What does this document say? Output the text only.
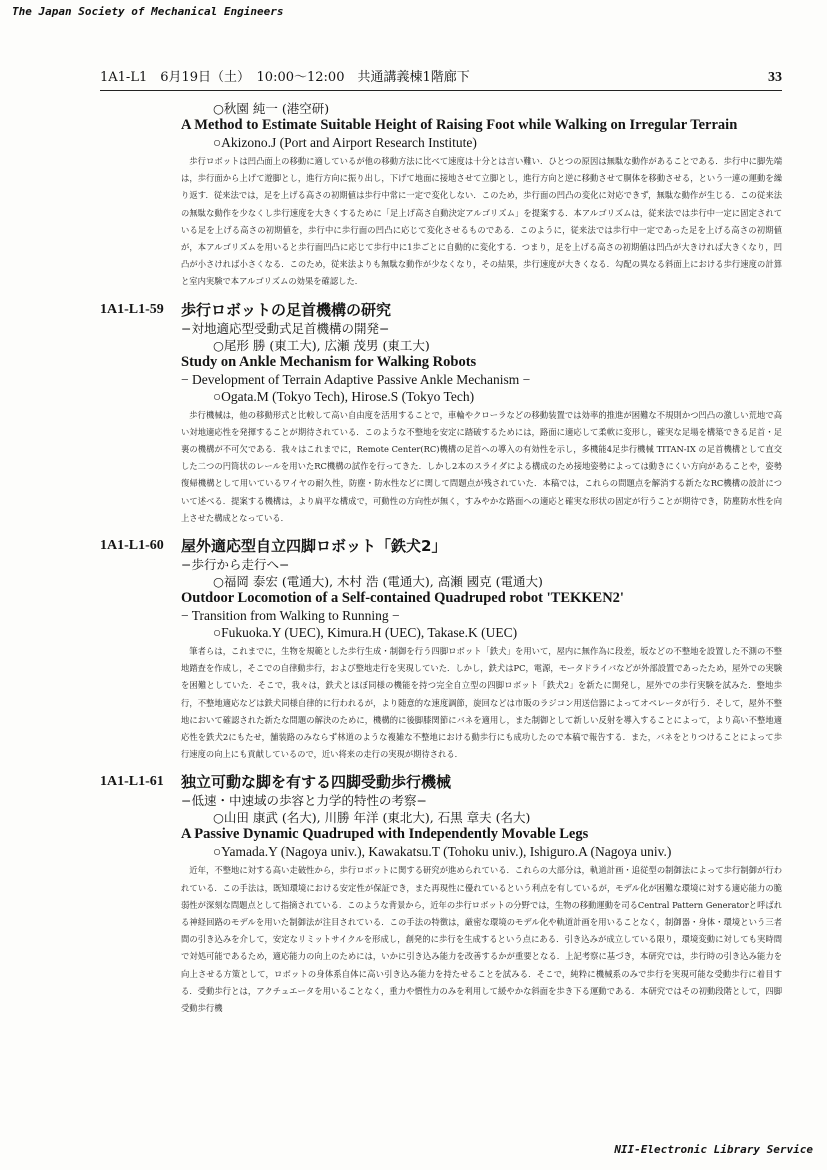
The Japan Society of Mechanical Engineers
1A1-L1　6月19日（土）　10:00〜12:00　共通講義棟1階廊下	33
○秋園 純一 (港空研)
A Method to Estimate Suitable Height of Raising Foot while Walking on Irregular Terrain
○Akizono.J (Port and Airport Research Institute)
歩行ロボットは凹凸面上の移動に適しているが他の移動方法に比べて速度は十分とは言い難い．ひとつの原因は無駄な動作があることである．歩行中に脚先端は，歩行面から上げて遊脚とし，進行方向に振り出し，下げて地面に接地させて立脚とし，進行方向と逆に移動させて胴体を移動させる，という一連の運動を繰り返す．従来法では，足を上げる高さの初期値は歩行中常に一定で変化しない．このため，歩行面の凹凸の変化に対応できず，無駄な動作が生じる．この従来法の無駄な動作を少なくし歩行速度を大きくするために「足上げ高さ自動決定アルゴリズム」を提案する．本アルゴリズムは，従来法では歩行中一定に固定されている足を上げる高さの初期値を，歩行中に歩行面の凹凸に応じて変化させるものである．このように，従来法では歩行中一定であった足を上げる高さの初期値が，本アルゴリズムを用いると歩行面凹凸に応じて歩行中に1歩ごとに自動的に変化する．つまり，足を上げる高さの初期値は凹凸が大きければ大きくなり，凹凸が小さければ小さくなる．このため，従来法よりも無駄な動作が少なくなり，その結果，歩行速度が大きくなる．勾配の異なる斜面上における歩行速度の計算と室内実験で本アルゴリズムの効果を確認した．
1A1-L1-59	歩行ロボットの足首機構の研究
−対地適応型受動式足首機構の開発−
○尾形 勝 (東工大), 広瀬 茂男 (東工大)
Study on Ankle Mechanism for Walking Robots
− Development of Terrain Adaptive Passive Ankle Mechanism −
○Ogata.M (Tokyo Tech), Hirose.S (Tokyo Tech)
歩行機械は，他の移動形式と比較して高い自由度を活用することで，車輪やクローラなどの移動装置では効率的推進が困難な不規則かつ凹凸の激しい荒地で高い対地適応性を発揮することが期待されている．このような不整地を安定に踏破するためには，路面に適応して柔軟に変形し，確実な足場を構築できる足首・足裏の機構が不可欠である．我々はこれまでに，Remote Center(RC)機構の足首への導入の有効性を示し，多機能4足歩行機械 TITAN-IX の足首機構として直交した二つの円筒状のレールを用いたRC機構の試作を行ってきた．しかし2本のスライダによる構成のため接地姿勢によっては動きにくい方向があることや，姿勢復帰機構として用いているワイヤの耐久性，防塵・防水性などに関して問題点が残されていた．本稿では，これらの問題点を解消する新たなRC機構の設計について述べる．提案する機構は，より扁平な構成で，可動性の方向性が無く，すみやかな路面への適応と確実な形状の固定が行うことが期待でき，防塵防水性を向上させた構成となっている．
1A1-L1-60	屋外適応型自立四脚ロボット「鉄犬2」
−歩行から走行へ−
○福岡 泰宏 (電通大), 木村 浩 (電通大), 高瀬 國克 (電通大)
Outdoor Locomotion of a Self-contained Quadruped robot 'TEKKEN2'
− Transition from Walking to Running −
○Fukuoka.Y (UEC), Kimura.H (UEC), Takase.K (UEC)
筆者らは，これまでに，生物を規範とした歩行生成・制御を行う四脚ロボット「鉄犬」を用いて，屋内に無作為に段差，坂などの不整地を設置した不測の不整地踏査を作成し，そこでの自律動歩行，および整地走行を実現していた．しかし，鉄犬はPC，電源，モータドライバなどが外部設置であったため，屋外での実験を困難としていた．そこで，我々は，鉄犬とほぼ同様の機能を持つ完全自立型の四脚ロボット「鉄犬2」を新たに開発し，屋外での歩行実験を試みた．整地歩行，不整地適応などは鉄犬同様自律的に行われるが，より随意的な速度調節，旋回などは市販のラジコン用送信器によってオペレータが行う．そして，屋外不整地において確認された新たな問題の解決のために，機構的に後脚膝関節にバネを適用し，また制御として新しい反射を導入することによって，より高い不整地適応性を鉄犬2にもたせ，舗装路のみならず林道のような複雑な不整地における動歩行にも成功したので本稿で報告する．また，バネをとりつけることによって歩行速度の向上にも貢献しているので，近い将来の走行の実現が期待される．
1A1-L1-61	独立可動な脚を有する四脚受動歩行機械
−低速・中速域の歩容と力学的特性の考察−
○山田 康武 (名大), 川勝 年洋 (東北大), 石黒 章夫 (名大)
A Passive Dynamic Quadruped with Independently Movable Legs
○Yamada.Y (Nagoya univ.), Kawakatsu.T (Tohoku univ.), Ishiguro.A (Nagoya univ.)
近年，不整地に対する高い走破性から，歩行ロボットに関する研究が進められている．これらの大部分は，軌道計画・追従型の制御法によって歩行制御が行われている．この手法は，既知環境における安定性が保証でき，また再現性に優れているという利点を有しているが，モデル化が困難な環境に対する適応能力の脆弱性が深刻な問題点として指摘されている．このような背景から，近年の歩行ロボットの分野では，生物の移動運動を司るCentral Pattern Generatorと呼ばれる神経回路のモデルを用いた制御法が注目されている．この手法の特徴は，厳密な環境のモデル化や軌道計画を用いることなく，制御器・身体・環境という三者間の引き込みを介して，安定なリミットサイクルを形成し，創発的に歩行を生成するという点にある．引き込みが成立している限り，環境変動に対しても実時間で対処可能であるため，適応能力の向上のためには，いかに引き込み能力を改善するかが重要となる．上記考察に基づき，本研究では，歩行時の引き込み能力を向上させる方策として，ロボットの身体系自体に高い引き込み能力を持たせることを試みる．そこで，純粋に機械系のみで歩行を実現可能な受動歩行に着目する．受動歩行とは，アクチュエータを用いることなく，重力や慣性力のみを利用して緩やかな斜面を歩き下る運動である．本研究ではその初動段階として，四脚受動歩行機
NII-Electronic Library Service
